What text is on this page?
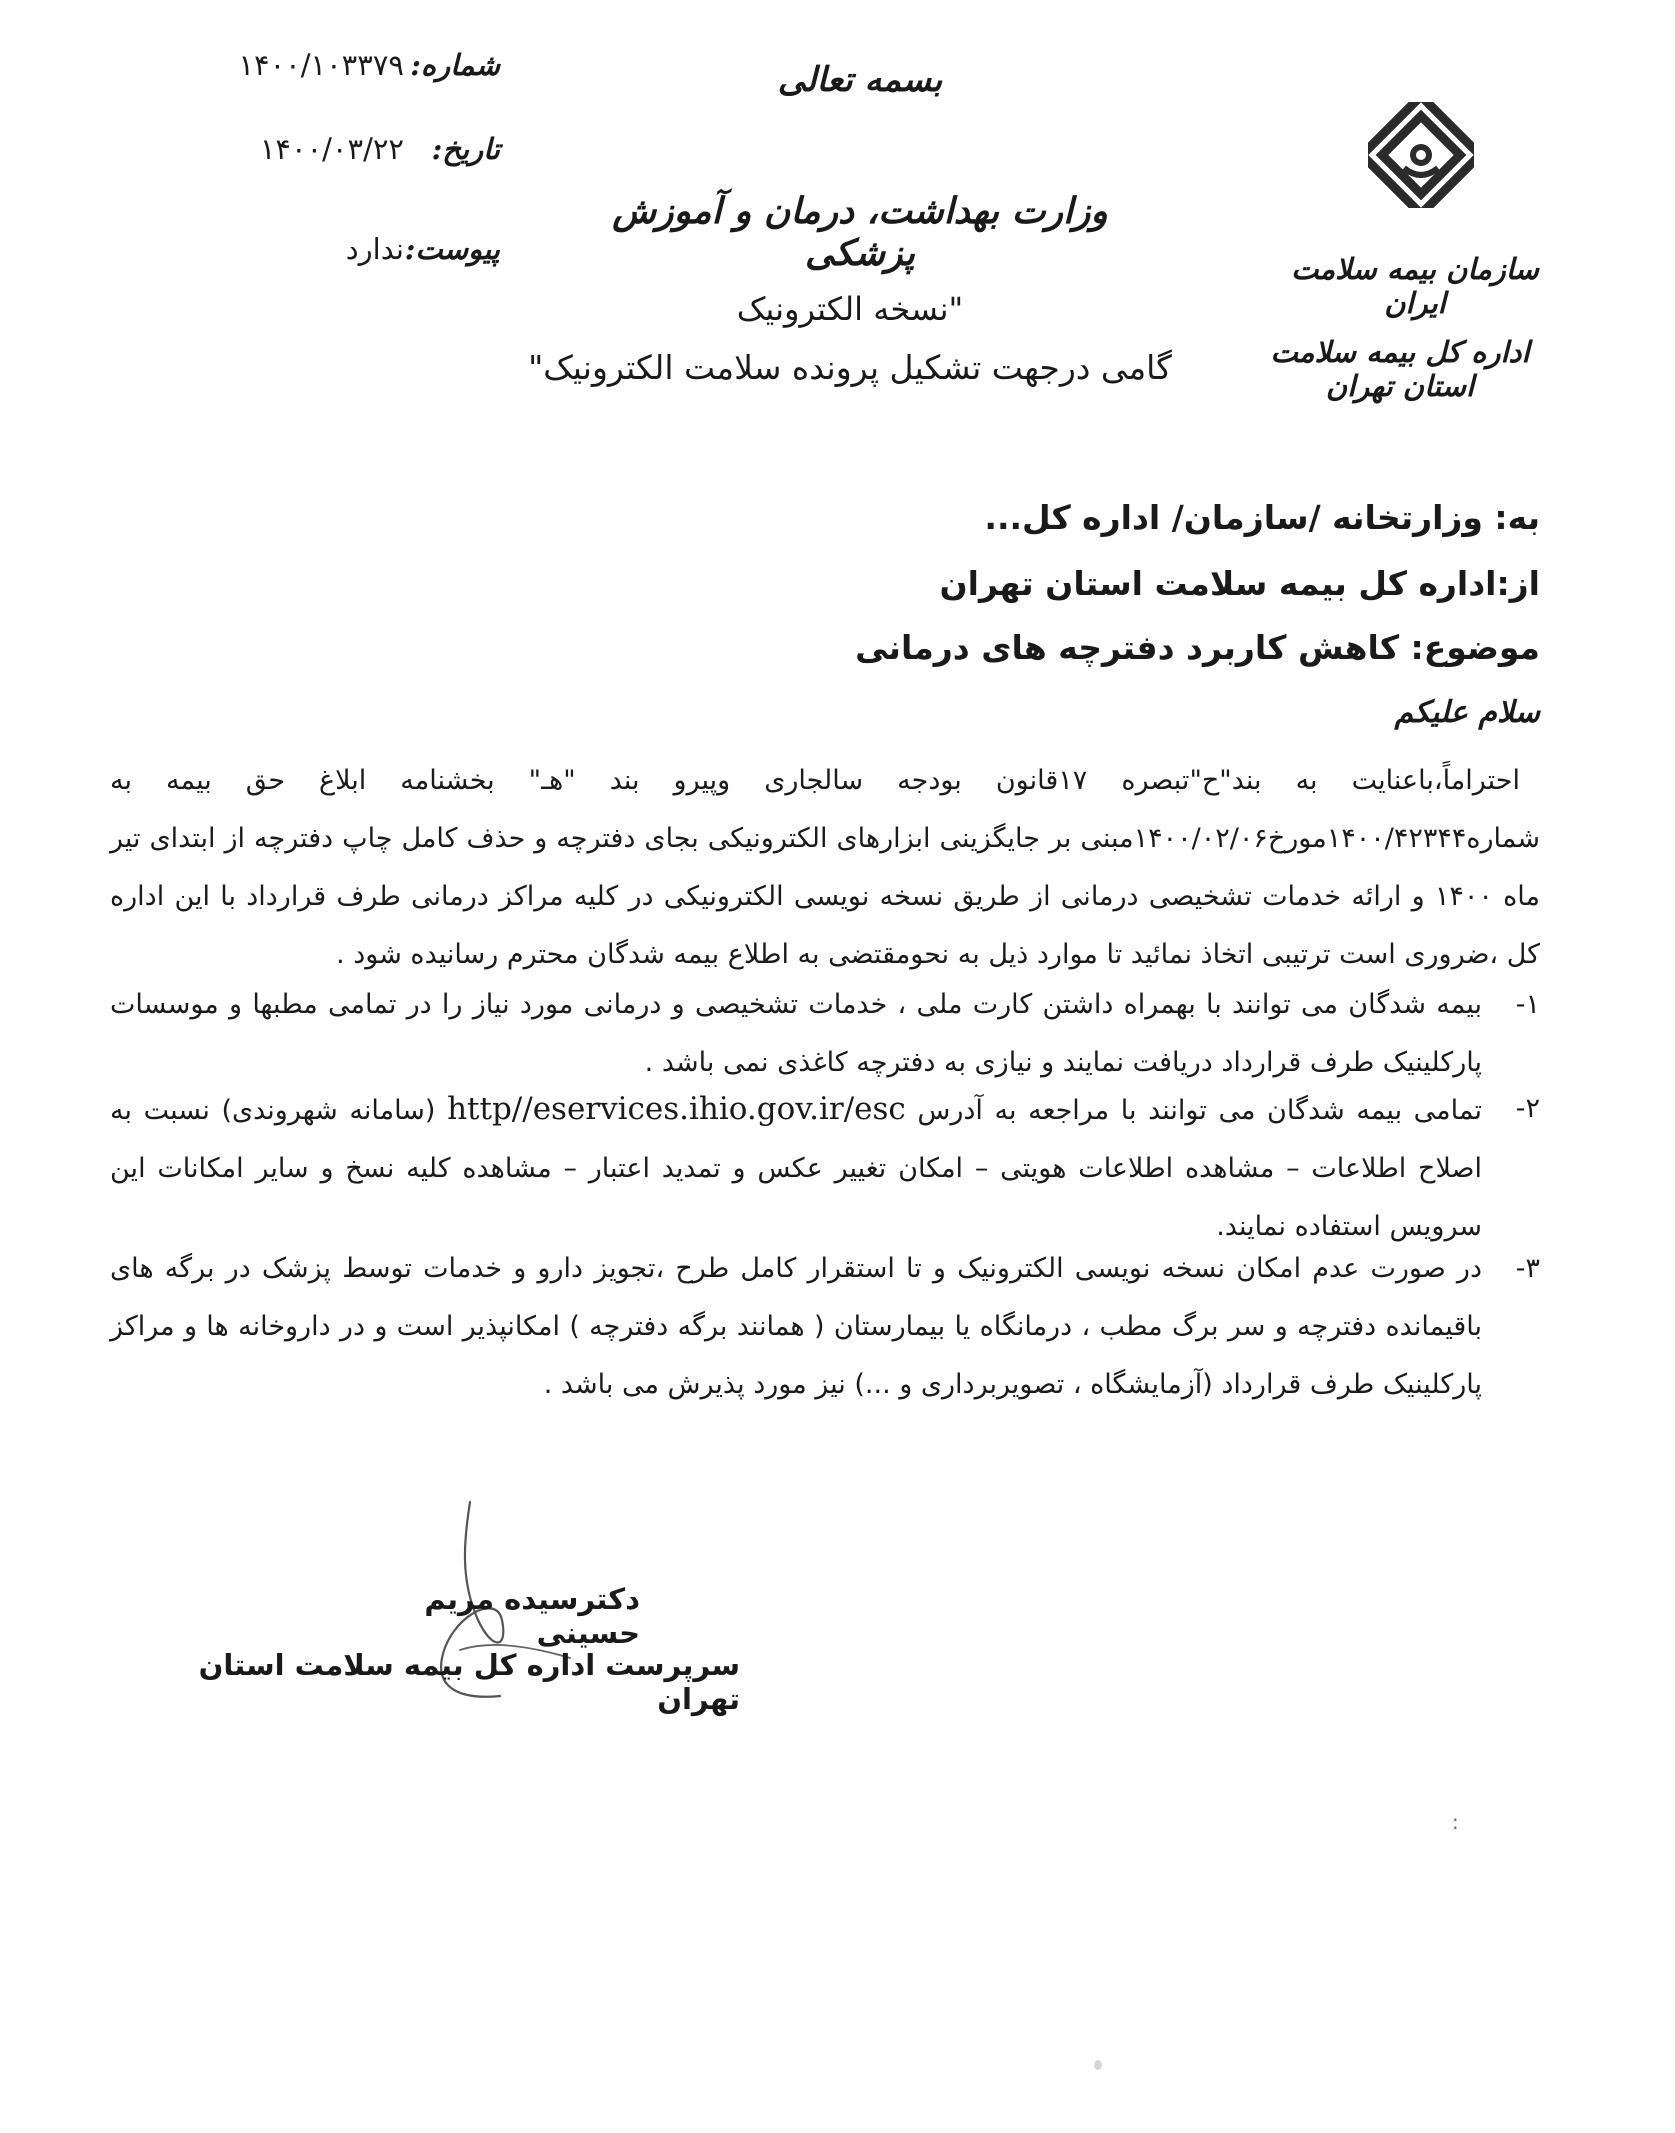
شماره:
۱۴۰۰/۱۰۳۳۷۹
تاریخ:
۱۴۰۰/۰۳/۲۲
پیوست:
ندارد
بسمه تعالی
وزارت بهداشت، درمان و آموزش پزشکی
"نسخه الکترونیک
گامی درجهت تشکیل پرونده سلامت الکترونیک"
سازمان بیمه سلامت ایران
اداره کل بیمه سلامت استان تهران
به: وزارتخانه /سازمان/ اداره کل...
از:اداره کل بیمه سلامت استان تهران
موضوع: کاهش کاربرد دفترچه های درمانی
سلام علیکم
احتراماً،باعنایت به بند"ح"تبصره ۱۷قانون بودجه سالجاری وپیرو بند "هـ" بخشنامه ابلاغ حق بیمه به شماره۱۴۰۰/۴۲۳۴۴مورخ۱۴۰۰/۰۲/۰۶مبنی بر جایگزینی ابزارهای الکترونیکی بجای دفترچه و حذف کامل چاپ دفترچه از ابتدای تیر ماه ۱۴۰۰ و ارائه خدمات تشخیصی درمانی از طریق نسخه نویسی الکترونیکی در کلیه مراکز درمانی طرف قرارداد با این اداره کل ،ضروری است ترتیبی اتخاذ نمائید تا موارد ذیل به نحومقتضی به اطلاع بیمه شدگان محترم رسانیده شود .
۱-
بیمه شدگان می توانند با بهمراه داشتن کارت ملی ، خدمات تشخیصی و درمانی مورد نیاز را در تمامی مطبها و موسسات پارکلینیک طرف قرارداد دریافت نمایند و نیازی به دفترچه کاغذی نمی باشد .
۲-
تمامی بیمه شدگان می توانند با مراجعه به آدرس http//eservices.ihio.gov.ir/esc (سامانه شهروندی) نسبت به اصلاح اطلاعات – مشاهده اطلاعات هویتی – امکان تغییر عکس و تمدید اعتبار – مشاهده کلیه نسخ و سایر امکانات این سرویس استفاده نمایند.
۳-
در صورت عدم امکان نسخه نویسی الکترونیک و تا استقرار کامل طرح ،تجویز دارو و خدمات توسط پزشک در برگه های باقیمانده دفترچه و سر برگ مطب ، درمانگاه یا بیمارستان ( همانند برگه دفترچه ) امکانپذیر است و در داروخانه ها و مراکز پارکلینیک طرف قرارداد (آزمایشگاه ، تصویربرداری و ...) نیز مورد پذیرش می باشد .
دکترسیده مریم حسینی
سرپرست اداره کل بیمه سلامت استان تهران
:
